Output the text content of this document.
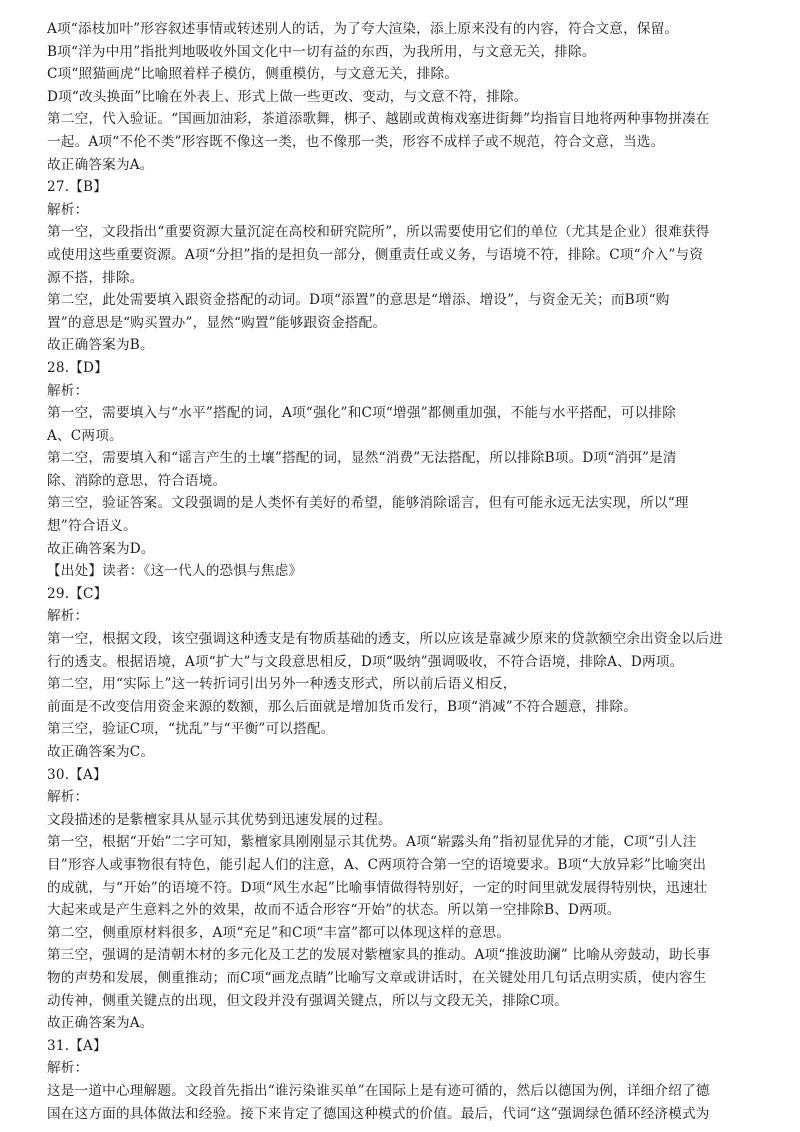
A项“添枝加叶”形容叙述事情或转述别人的话，为了夸大渲染，添上原来没有的内容，符合文意，保留。
B项“洋为中用”指批判地吸收外国文化中一切有益的东西，为我所用，与文意无关，排除。
C项“照猫画虎”比喻照着样子模仿，侧重模仿，与文意无关，排除。
D项“改头换面”比喻在外表上、形式上做一些更改、变动，与文意不符，排除。
第二空，代入验证。“国画加油彩，茶道添歌舞，梆子、越剧或黄梅戏塞进街舞”均指盲目地将两种事物拼凑在
一起。A项“不伦不类”形容既不像这一类，也不像那一类，形容不成样子或不规范，符合文意，当选。
故正确答案为A。
27.【B】
解析：
第一空，文段指出“重要资源大量沉淀在高校和研究院所”，所以需要使用它们的单位（尤其是企业）很难获得
或使用这些重要资源。A项“分担”指的是担负一部分，侧重责任或义务，与语境不符，排除。C项“介入”与资
源不搭，排除。
第二空，此处需要填入跟资金搭配的动词。D项“添置”的意思是“增添、增设”，与资金无关；而B项“购
置”的意思是“购买置办”，显然“购置”能够跟资金搭配。
故正确答案为B。
28.【D】
解析：
第一空，需要填入与“水平”搭配的词，A项“强化”和C项“增强”都侧重加强，不能与水平搭配，可以排除
A、C两项。
第二空，需要填入和“谣言产生的土壤”搭配的词，显然“消费”无法搭配，所以排除B项。D项“消弭”是清
除、消除的意思，符合语境。
第三空，验证答案。文段强调的是人类怀有美好的希望，能够消除谣言，但有可能永远无法实现，所以“理
想”符合语义。
故正确答案为D。
【出处】读者：《这一代人的恐惧与焦虑》
29.【C】
解析：
第一空，根据文段，该空强调这种透支是有物质基础的透支，所以应该是靠减少原来的贷款额空余出资金以后进
行的透支。根据语境，A项“扩大”与文段意思相反，D项“吸纳”强调吸收，不符合语境，排除A、D两项。
第二空，用“实际上”这一转折词引出另外一种透支形式，所以前后语义相反，
前面是不改变信用资金来源的数额，那么后面就是增加货币发行，B项“消减”不符合题意，排除。
第三空，验证C项，“扰乱”与“平衡”可以搭配。
故正确答案为C。
30.【A】
解析：
文段描述的是紫檀家具从显示其优势到迅速发展的过程。
第一空，根据“开始”二字可知，紫檀家具刚刚显示其优势。A项“崭露头角”指初显优异的才能，C项“引人注
目”形容人或事物很有特色，能引起人们的注意，A、C两项符合第一空的语境要求。B项“大放异彩”比喻突出
的成就，与“开始”的语境不符。D项“风生水起”比喻事情做得特别好，一定的时间里就发展得特别快，迅速壮
大起来或是产生意料之外的效果，故而不适合形容“开始”的状态。所以第一空排除B、D两项。
第二空，侧重原材料很多，A项“充足”和C项“丰富”都可以体现这样的意思。
第三空，强调的是清朝木材的多元化及工艺的发展对紫檀家具的推动。A项“推波助澜” 比喻从旁鼓动，助长事
物的声势和发展，侧重推动；而C项“画龙点睛”比喻写文章或讲话时，在关键处用几句话点明实质，使内容生
动传神，侧重关键点的出现，但文段并没有强调关键点，所以与文段无关，排除C项。
故正确答案为A。
31.【A】
解析：
这是一道中心理解题。文段首先指出“谁污染谁买单”在国际上是有迹可循的，然后以德国为例，详细介绍了德
国在这方面的具体做法和经验。接下来肯定了德国这种模式的价值。最后，代词“这”强调绿色循环经济模式为
